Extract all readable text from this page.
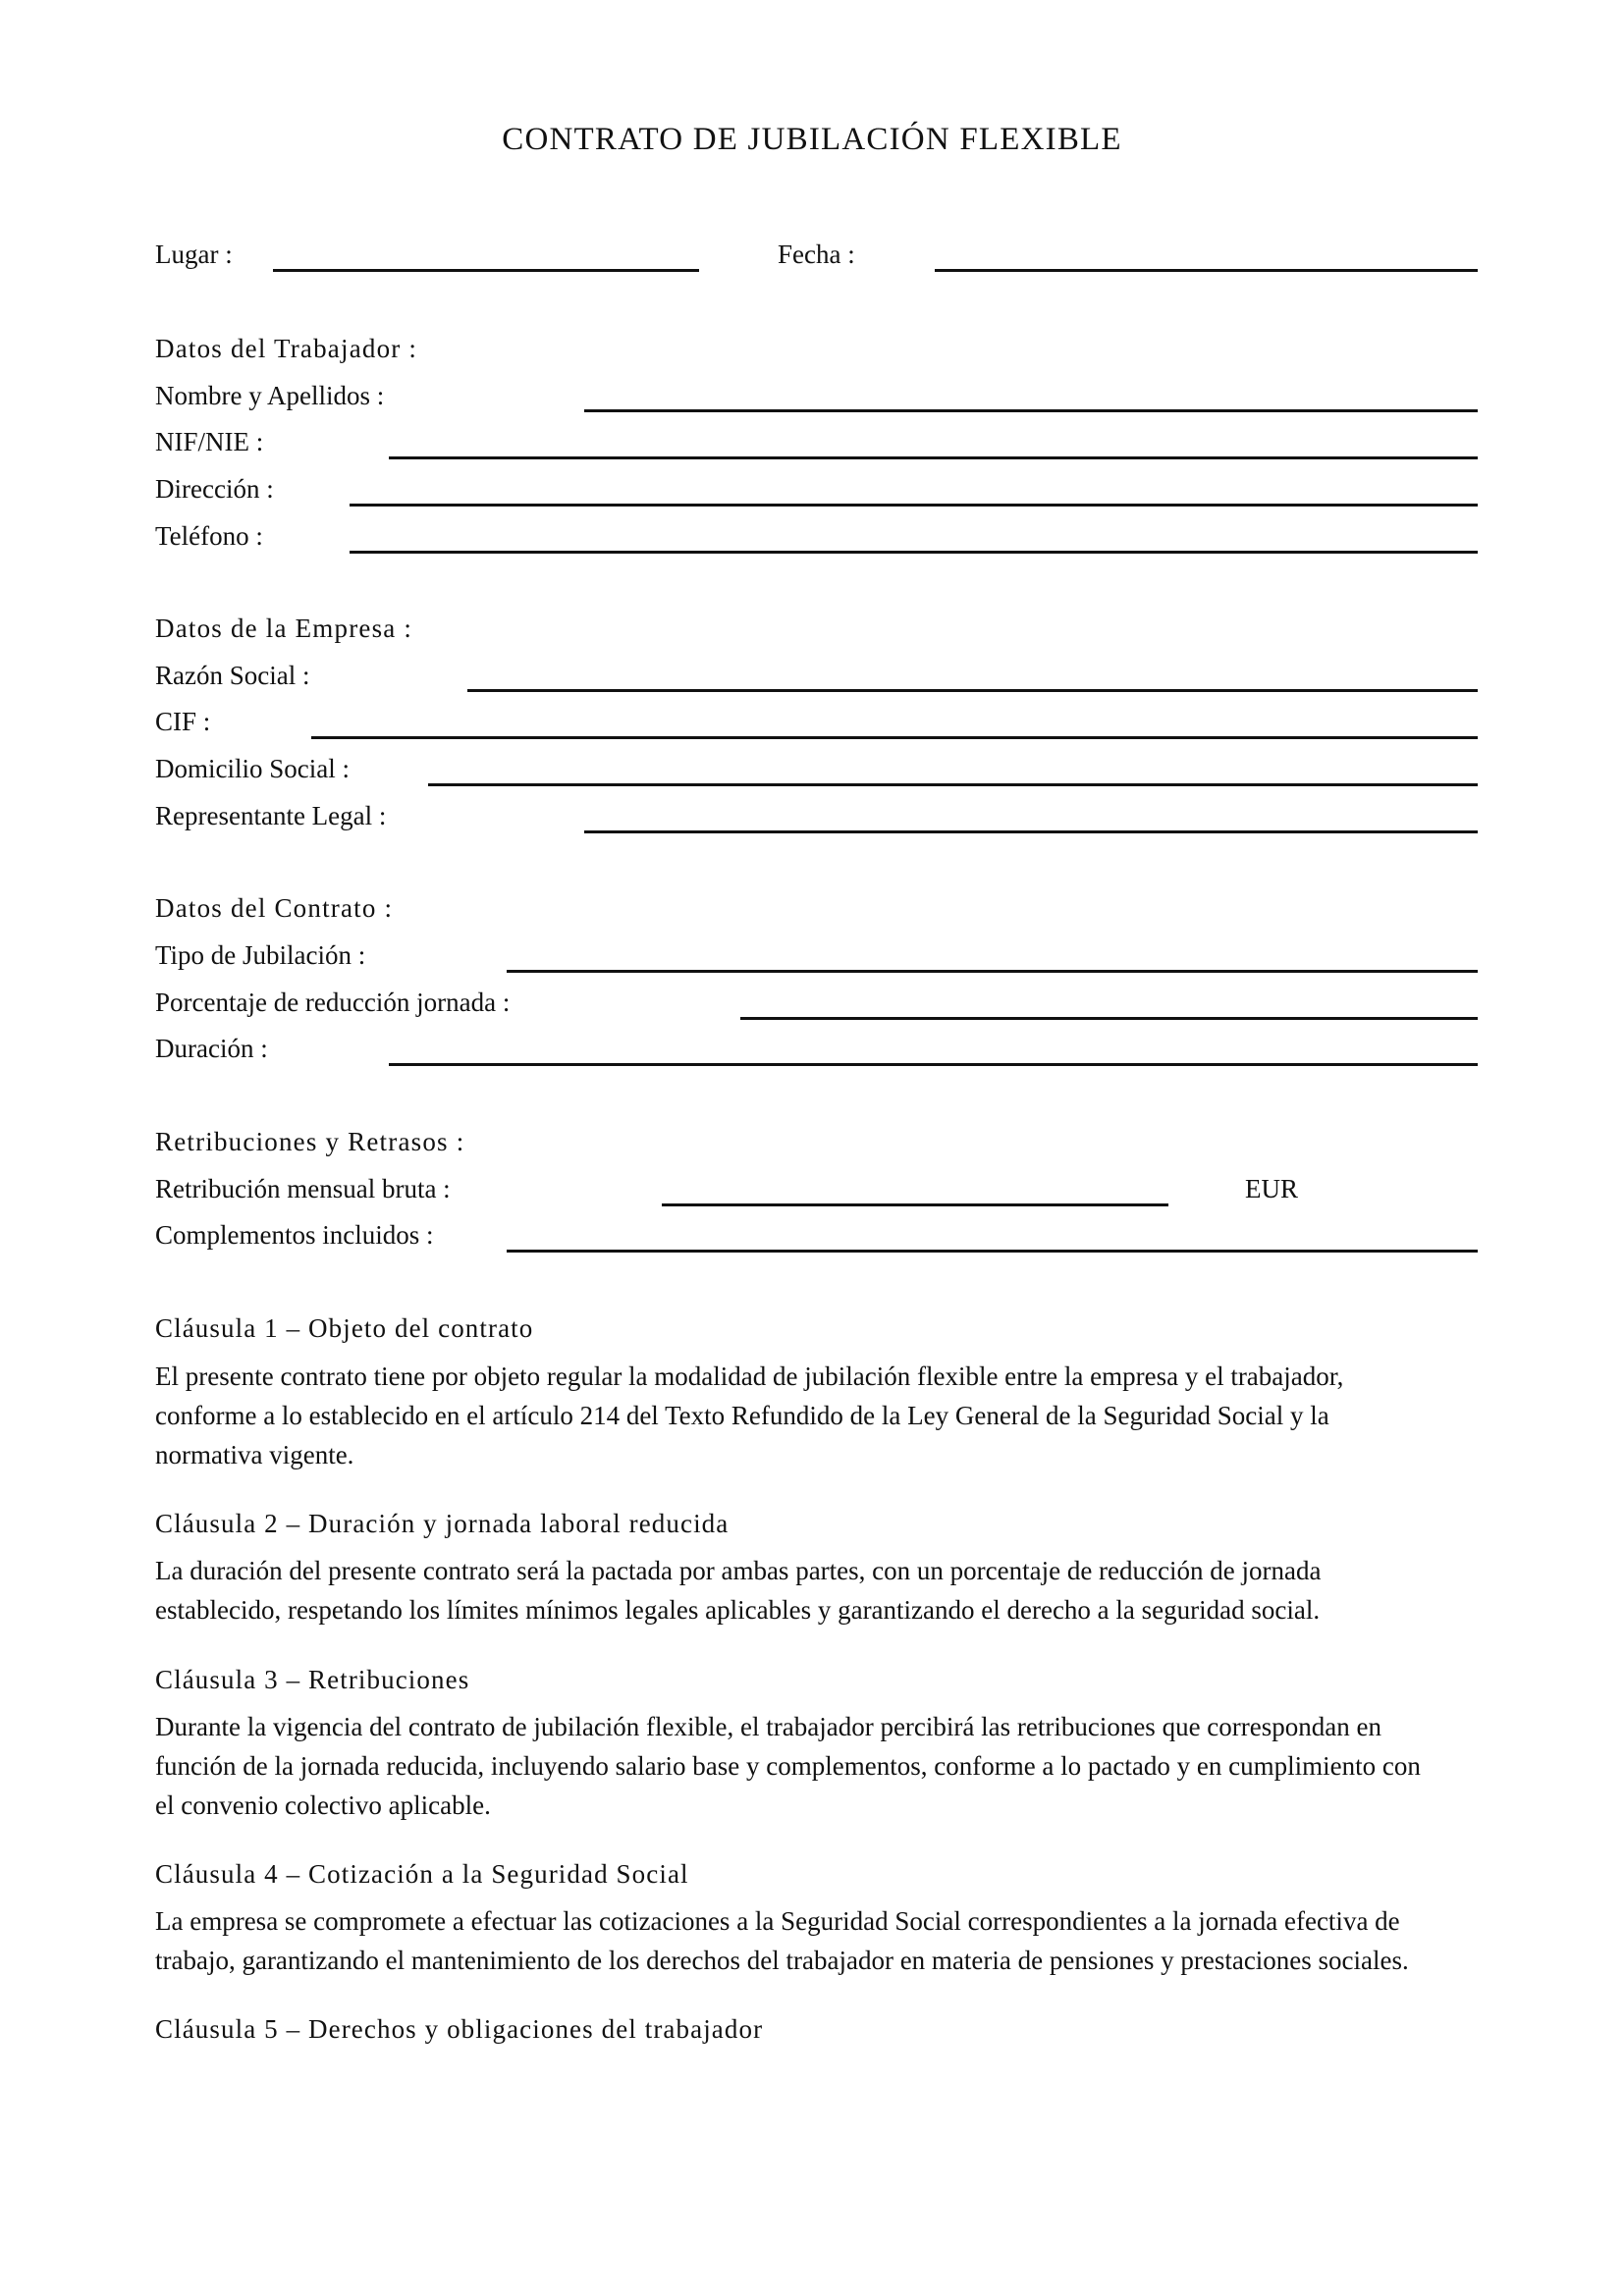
CONTRATO DE JUBILACIÓN FLEXIBLE
Lugar :	Fecha :
Datos del Trabajador :
Nombre y Apellidos :
NIF/NIE :
Dirección :
Teléfono :
Datos de la Empresa :
Razón Social :
CIF :
Domicilio Social :
Representante Legal :
Datos del Contrato :
Tipo de Jubilación :
Porcentaje de reducción jornada :
Duración :
Retribuciones y Retrasos :
Retribución mensual bruta :	EUR
Complementos incluidos :
Cláusula 1 – Objeto del contrato
El presente contrato tiene por objeto regular la modalidad de jubilación flexible entre la empresa y el trabajador,
conforme a lo establecido en el artículo 214 del Texto Refundido de la Ley General de la Seguridad Social y la
normativa vigente.
Cláusula 2 – Duración y jornada laboral reducida
La duración del presente contrato será la pactada por ambas partes, con un porcentaje de reducción de jornada
establecido, respetando los límites mínimos legales aplicables y garantizando el derecho a la seguridad social.
Cláusula 3 – Retribuciones
Durante la vigencia del contrato de jubilación flexible, el trabajador percibirá las retribuciones que correspondan en
función de la jornada reducida, incluyendo salario base y complementos, conforme a lo pactado y en cumplimiento con
el convenio colectivo aplicable.
Cláusula 4 – Cotización a la Seguridad Social
La empresa se compromete a efectuar las cotizaciones a la Seguridad Social correspondientes a la jornada efectiva de
trabajo, garantizando el mantenimiento de los derechos del trabajador en materia de pensiones y prestaciones sociales.
Cláusula 5 – Derechos y obligaciones del trabajador
